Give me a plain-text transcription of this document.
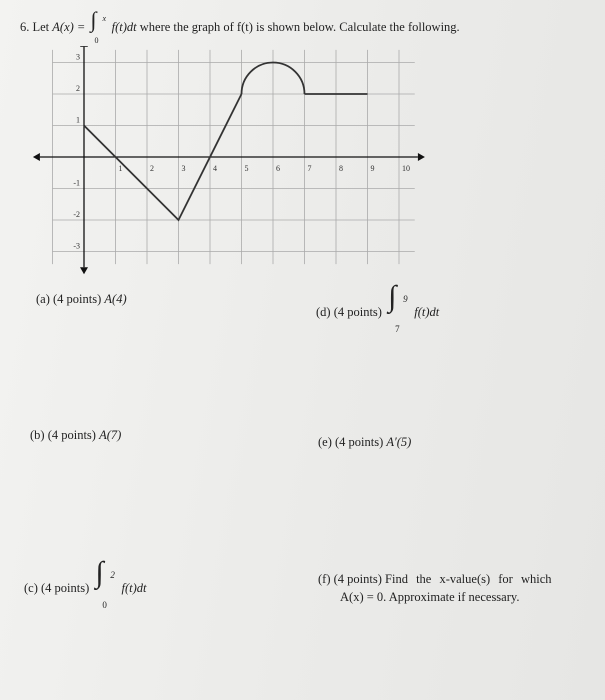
6. Let A(x) = ∫ x
0
f(t)dt where the graph of f(t) is shown below. Calculate the following.
1	2	3	4	5	6	7	8	9	10
3
2
1
-1
-2
-3
(a) (4 points) A(4)
(d) (4 points) ∫ 9
7
f(t)dt
(b) (4 points) A(7)	(e) (4 points) A′(5)
(c) (4 points) ∫ 2
0
f(t)dt
(f) (4 points) Find the x-value(s) for which
A(x) = 0. Approximate if necessary.
